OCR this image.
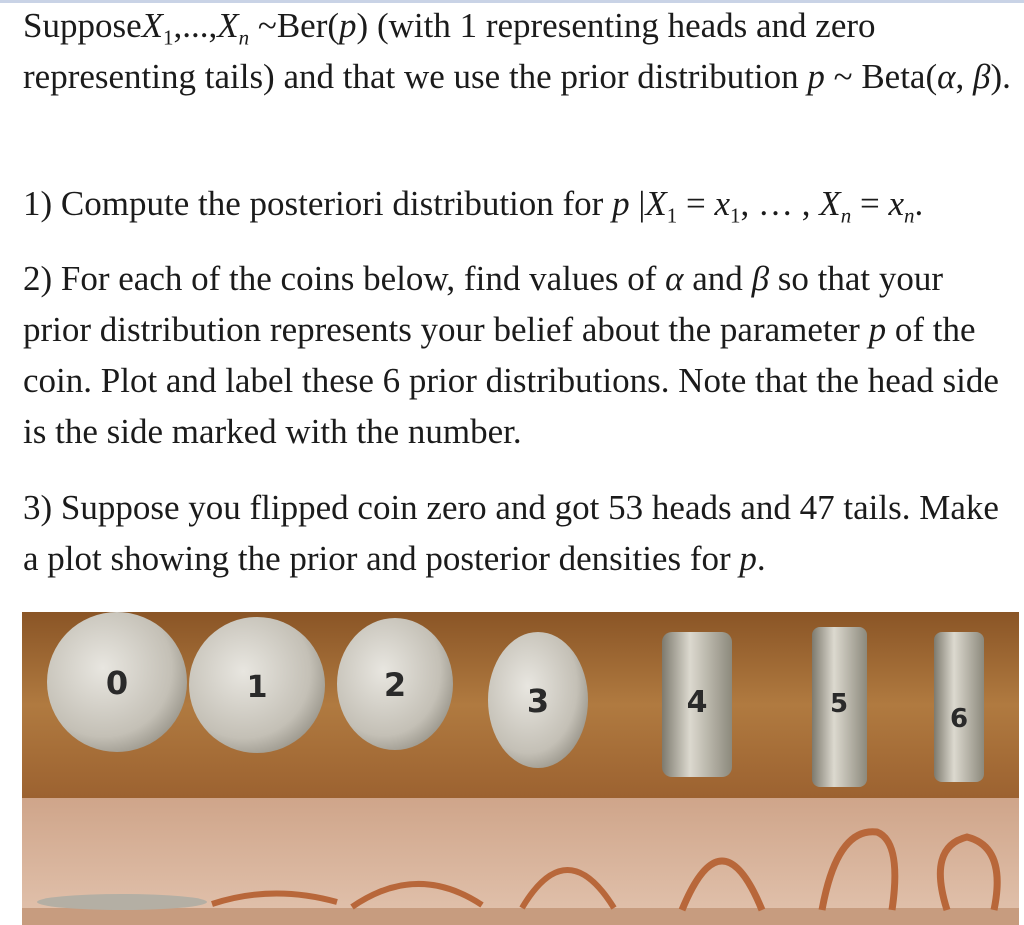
$SupposeX_1,...,X_n$ ~Ber(p) (with 1 representing heads and zero representing tails) and that we use the prior distribution p ~ Beta(α, β).

1) Compute the posteriori distribution for p $|X_1 = x_1$, … , $X_n = x_n$.

2) For each of the coins below, find values of α and β so that your prior distribution represents your belief about the parameter p of the coin. Plot and label these 6 prior distributions. Note that the head side is the side marked with the number.

3) Suppose you flipped coin zero and got 53 heads and 47 tails. Make a plot showing the prior and posterior densities for p.

0	1	2	3	4	5	6
